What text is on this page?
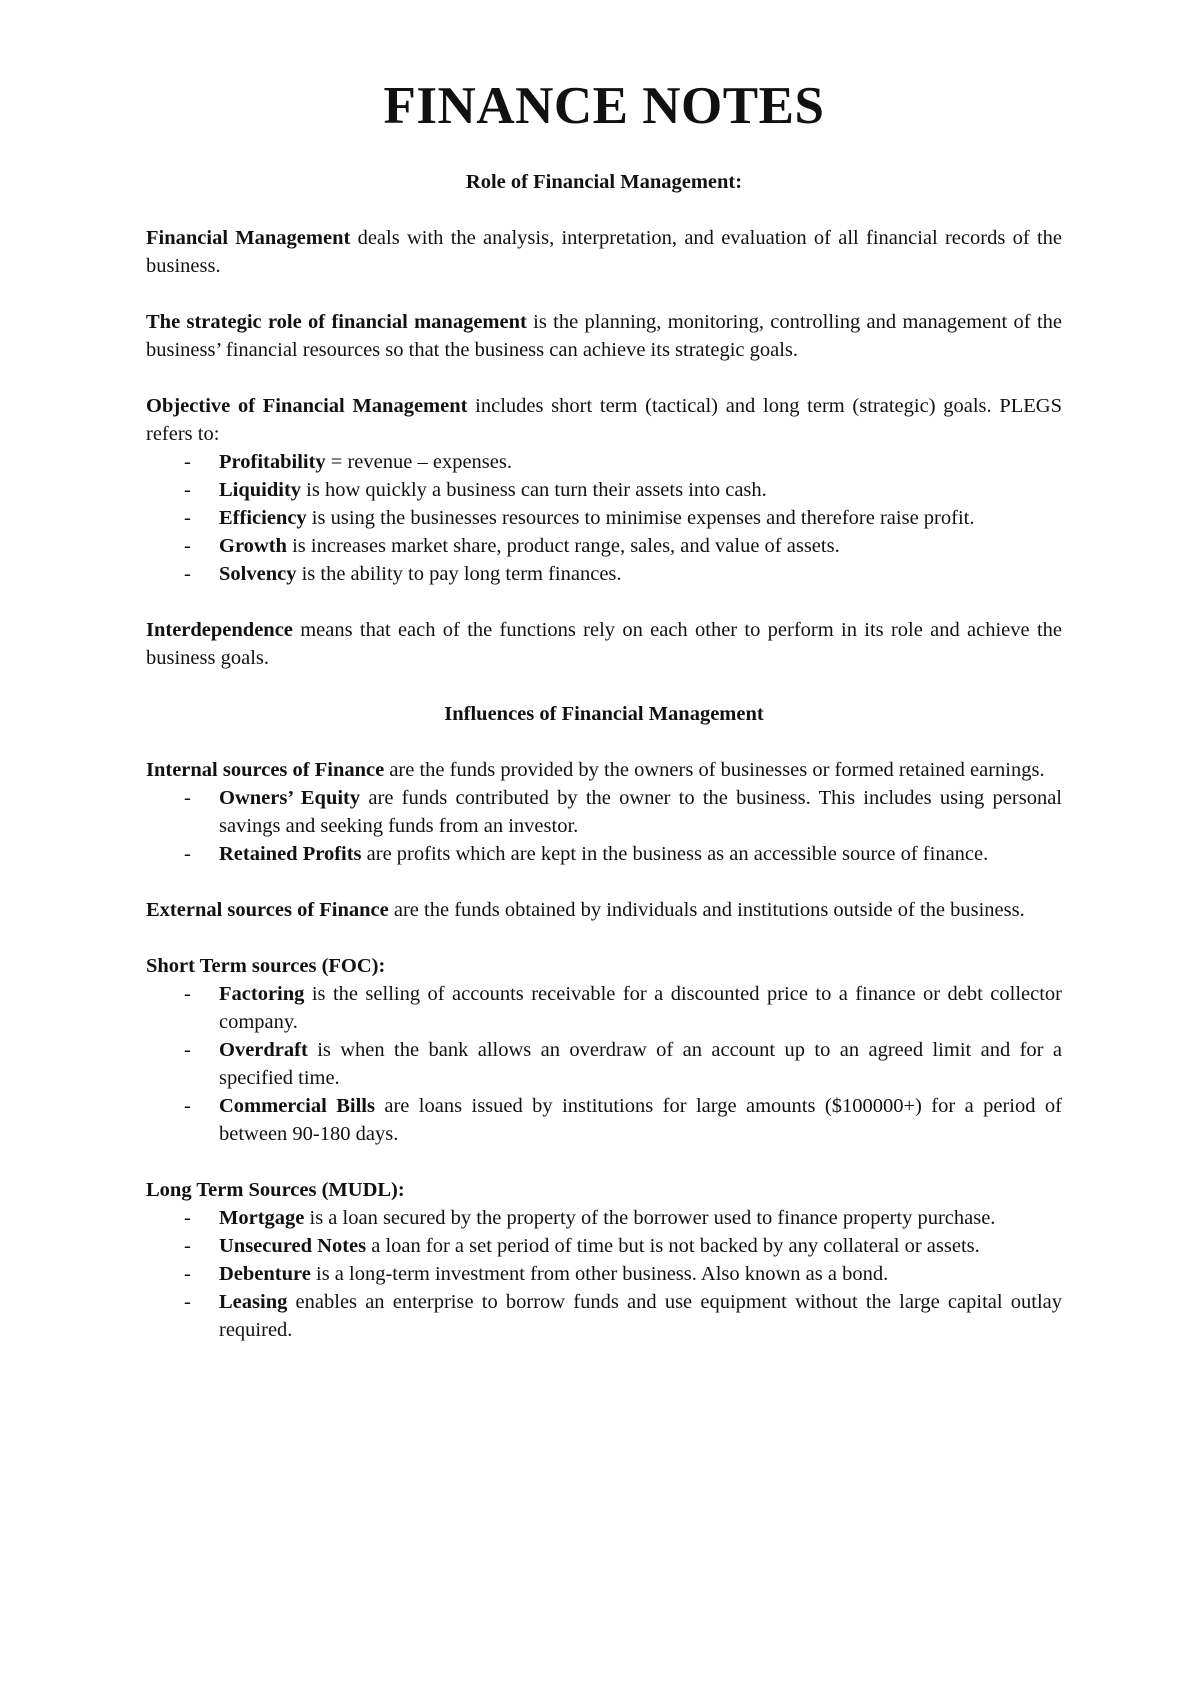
FINANCE NOTES

Role of Financial Management:

Financial Management deals with the analysis, interpretation, and evaluation of all financial records of the business.

The strategic role of financial management is the planning, monitoring, controlling and management of the business’ financial resources so that the business can achieve its strategic goals.

Objective of Financial Management includes short term (tactical) and long term (strategic) goals. PLEGS refers to:

- Profitability = revenue – expenses.
- Liquidity is how quickly a business can turn their assets into cash.
- Efficiency is using the businesses resources to minimise expenses and therefore raise profit.
- Growth is increases market share, product range, sales, and value of assets.
- Solvency is the ability to pay long term finances.

Interdependence means that each of the functions rely on each other to perform in its role and achieve the business goals.

Influences of Financial Management

Internal sources of Finance are the funds provided by the owners of businesses or formed retained earnings.

- Owners’ Equity are funds contributed by the owner to the business. This includes using personal savings and seeking funds from an investor.
- Retained Profits are profits which are kept in the business as an accessible source of finance.

External sources of Finance are the funds obtained by individuals and institutions outside of the business.

Short Term sources (FOC):

- Factoring is the selling of accounts receivable for a discounted price to a finance or debt collector company.
- Overdraft is when the bank allows an overdraw of an account up to an agreed limit and for a specified time.
- Commercial Bills are loans issued by institutions for large amounts ($100000+) for a period of between 90-180 days.

Long Term Sources (MUDL):

- Mortgage is a loan secured by the property of the borrower used to finance property purchase.
- Unsecured Notes a loan for a set period of time but is not backed by any collateral or assets.
- Debenture is a long-term investment from other business. Also known as a bond.
- Leasing enables an enterprise to borrow funds and use equipment without the large capital outlay required.
